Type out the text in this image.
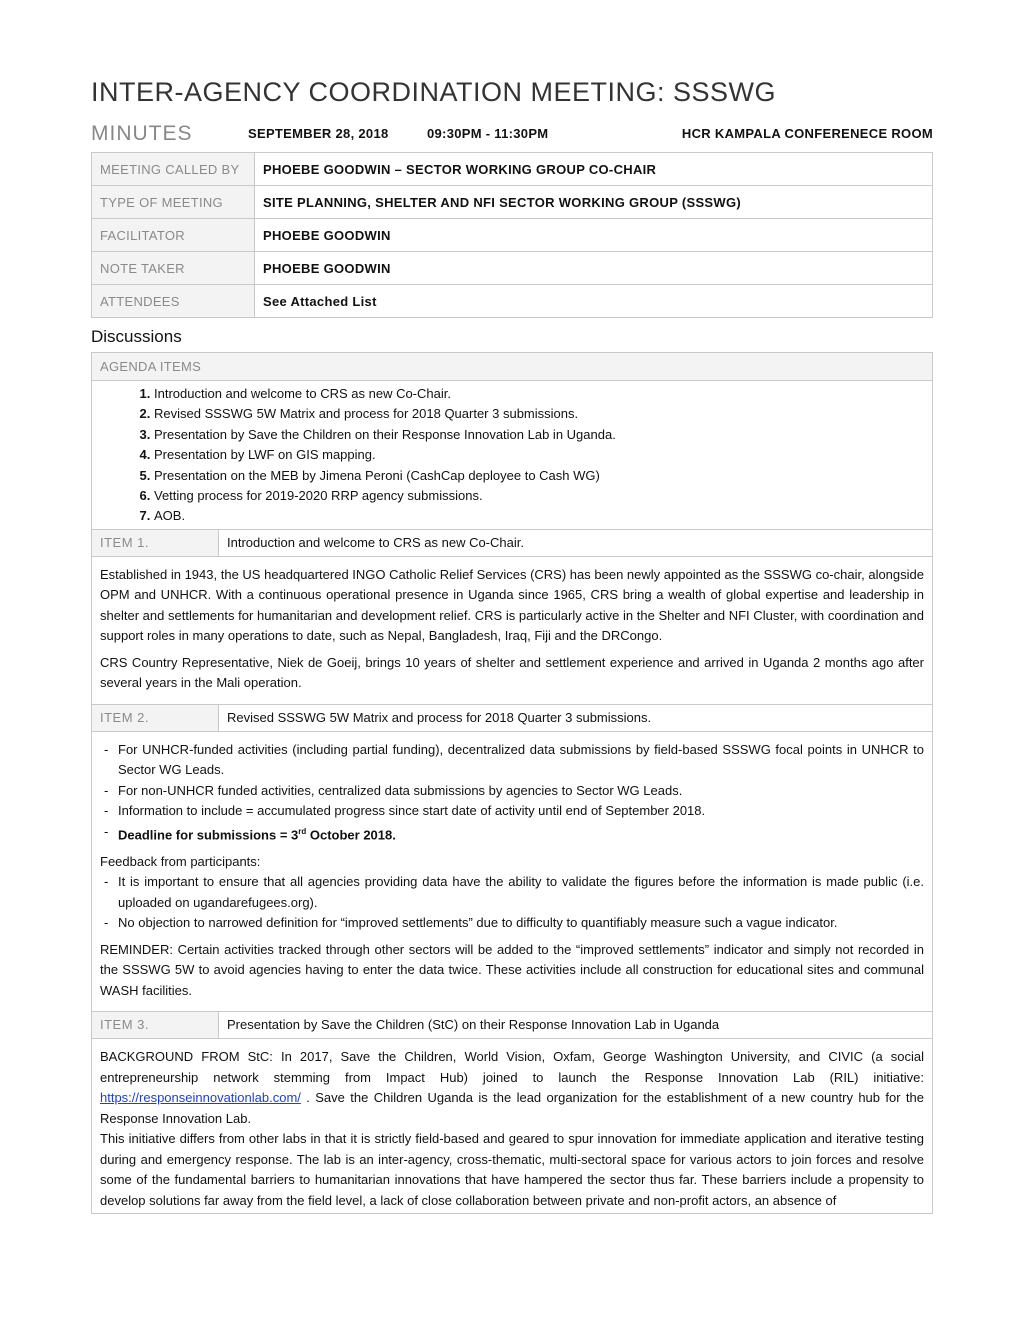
INTER-AGENCY COORDINATION MEETING: SSSWG
MINUTES	SEPTEMBER 28, 2018	09:30PM - 11:30PM	HCR KAMPALA CONFERENECE ROOM
MEETING CALLED BY	PHOEBE GOODWIN – SECTOR WORKING GROUP CO-CHAIR
TYPE OF MEETING	SITE PLANNING, SHELTER AND NFI SECTOR WORKING GROUP (SSSWG)
FACILITATOR	PHOEBE GOODWIN
NOTE TAKER	PHOEBE GOODWIN
ATTENDEES	See Attached List
Discussions
AGENDA ITEMS
1. Introduction and welcome to CRS as new Co-Chair.
2. Revised SSSWG 5W Matrix and process for 2018 Quarter 3 submissions.
3. Presentation by Save the Children on their Response Innovation Lab in Uganda.
4. Presentation by LWF on GIS mapping.
5. Presentation on the MEB by Jimena Peroni (CashCap deployee to Cash WG)
6. Vetting process for 2019-2020 RRP agency submissions.
7. AOB.
ITEM 1.	Introduction and welcome to CRS as new Co-Chair.

Established in 1943, the US headquartered INGO Catholic Relief Services (CRS) has been newly appointed as the SSSWG co-chair, alongside OPM and UNHCR. With a continuous operational presence in Uganda since 1965, CRS bring a wealth of global expertise and leadership in shelter and settlements for humanitarian and development relief. CRS is particularly active in the Shelter and NFI Cluster, with coordination and support roles in many operations to date, such as Nepal, Bangladesh, Iraq, Fiji and the DRCongo.

CRS Country Representative, Niek de Goeij, brings 10 years of shelter and settlement experience and arrived in Uganda 2 months ago after several years in the Mali operation.

ITEM 2.	Revised SSSWG 5W Matrix and process for 2018 Quarter 3 submissions.
- For UNHCR-funded activities (including partial funding), decentralized data submissions by field-based SSSWG focal points in UNHCR to Sector WG Leads.
- For non-UNHCR funded activities, centralized data submissions by agencies to Sector WG Leads.
- Information to include = accumulated progress since start date of activity until end of September 2018.
- Deadline for submissions = 3rd October 2018.
Feedback from participants:
- It is important to ensure that all agencies providing data have the ability to validate the figures before the information is made public (i.e. uploaded on ugandarefugees.org).
- No objection to narrowed definition for “improved settlements” due to difficulty to quantifiably measure such a vague indicator.

REMINDER: Certain activities tracked through other sectors will be added to the “improved settlements” indicator and simply not recorded in the SSSWG 5W to avoid agencies having to enter the data twice. These activities include all construction for educational sites and communal WASH facilities.

ITEM 3.	Presentation by Save the Children (StC) on their Response Innovation Lab in Uganda
BACKGROUND FROM StC: In 2017, Save the Children, World Vision, Oxfam, George Washington University, and CIVIC (a social entrepreneurship network stemming from Impact Hub) joined to launch the Response Innovation Lab (RIL) initiative: https://responseinnovationlab.com/ . Save the Children Uganda is the lead organization for the establishment of a new country hub for the Response Innovation Lab.
This initiative differs from other labs in that it is strictly field-based and geared to spur innovation for immediate application and iterative testing during and emergency response. The lab is an inter-agency, cross-thematic, multi-sectoral space for various actors to join forces and resolve some of the fundamental barriers to humanitarian innovations that have hampered the sector thus far. These barriers include a propensity to develop solutions far away from the field level, a lack of close collaboration between private and non-profit actors, an absence of
